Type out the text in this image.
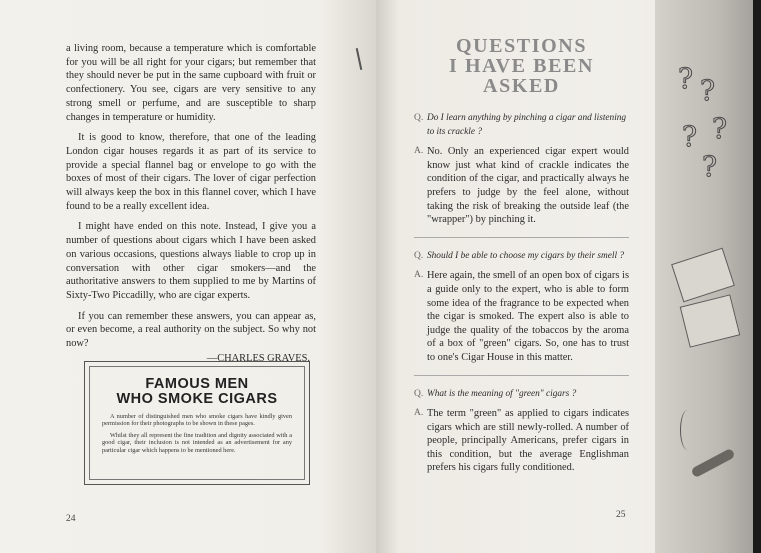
a living room, because a temperature which is comfortable for you will be all right for your cigars; but remember that they should never be put in the same cupboard with fruit or confectionery. You see, cigars are very sensitive to any strong smell or perfume, and are susceptible to sharp changes in temperature or humidity.

It is good to know, therefore, that one of the leading London cigar houses regards it as part of its service to provide a special flannel bag or envelope to go with the boxes of most of their cigars. The lover of cigar perfection will always keep the box in this flannel cover, which I have found to be a really excellent idea.

I might have ended on this note. Instead, I give you a number of questions about cigars which I have been asked on various occasions, questions always liable to crop up in conversation with other cigar smokers—and the authoritative answers to them supplied to me by Martins of Sixty-Two Piccadilly, who are cigar experts.

If you can remember these answers, you can appear as, or even become, a real authority on the subject. So why not now?

—CHARLES GRAVES.
FAMOUS MEN
WHO SMOKE CIGARS

A number of distinguished men who smoke cigars have kindly given permission for their photographs to be shown in these pages.

Whilst they all represent the fine tradition and dignity associated with a good cigar, their inclusion is not intended as an advertisement for any particular cigar which happens to be mentioned here.

24
QUESTIONS
I HAVE BEEN ASKED
Q. Do I learn anything by pinching a cigar and listening to its crackle ?
A. No. Only an experienced cigar expert would know just what kind of crackle indicates the condition of the cigar, and practically always he prefers to judge by the feel alone, without taking the risk of breaking the outside leaf (the "wrapper") by pinching it.
Q. Should I be able to choose my cigars by their smell ?
A. Here again, the smell of an open box of cigars is a guide only to the expert, who is able to form some idea of the fragrance to be expected when the cigar is smoked. The expert also is able to judge the quality of the tobaccos by the aroma of a box of "green" cigars. So, one has to trust to one's Cigar House in this matter.
Q. What is the meaning of "green" cigars ?
A. The term "green" as applied to cigars indicates cigars which are still newly-rolled. A number of people, principally Americans, prefer cigars in this condition, but the average Englishman prefers his cigars fully conditioned.
? ?
?
?
?
25
